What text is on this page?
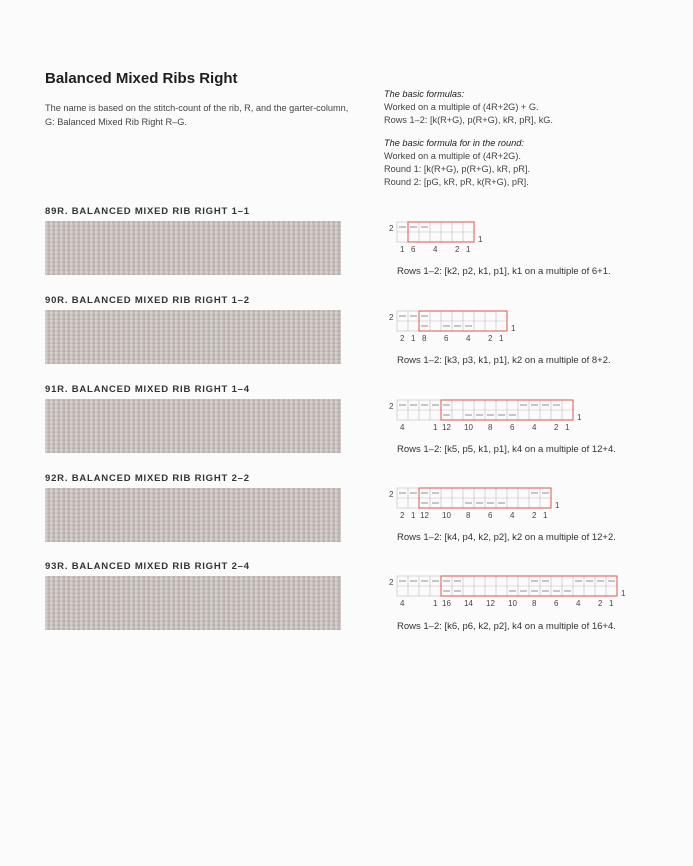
Balanced Mixed Ribs Right
The name is based on the stitch-count of the rib, R, and the garter-column, G: Balanced Mixed Rib Right R–G.
The basic formulas:
Worked on a multiple of (4R+2G) + G.
Rows 1–2: [k(R+G), p(R+G), kR, pR], kG.
The basic formula for in the round:
Worked on a multiple of (4R+2G).
Round 1: [k(R+G), p(R+G), kR, pR].
Round 2: [pG, kR, pR, k(R+G), pR].
89R. BALANCED MIXED RIB RIGHT 1–1
2
1
1 6 4 2 1
Rows 1–2: [k2, p2, k1, p1], k1 on a multiple of 6+1.
90R. BALANCED MIXED RIB RIGHT 1–2
2
1
2 1 8 6 4 2 1
Rows 1–2: [k3, p3, k1, p1], k2 on a multiple of 8+2.
91R. BALANCED MIXED RIB RIGHT 1–4
2
1
4	1 12 10 8 6 4 2 1
Rows 1–2: [k5, p5, k1, p1], k4 on a multiple of 12+4.
92R. BALANCED MIXED RIB RIGHT 2–2
2
1
2 1 12 10 8 6 4 2 1
Rows 1–2: [k4, p4, k2, p2], k2 on a multiple of 12+2.
93R. BALANCED MIXED RIB RIGHT 2–4
2
1
4	1 16 14 12 10 8 6 4 2 1
Rows 1–2: [k6, p6, k2, p2], k4 on a multiple of 16+4.
